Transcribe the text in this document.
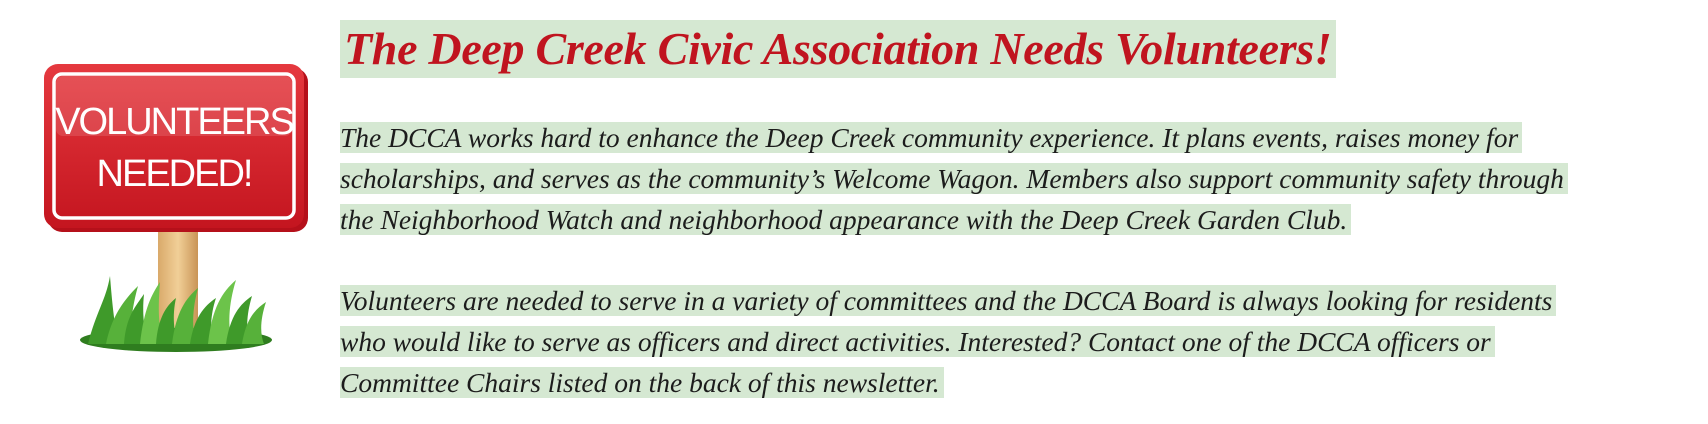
VOLUNTEERS
NEEDED!
The Deep Creek Civic Association Needs Volunteers!
The DCCA works hard to enhance the Deep Creek community experience. It plans events, raises money for
scholarships, and serves as the community’s Welcome Wagon. Members also support community safety through
the Neighborhood Watch and neighborhood appearance with the Deep Creek Garden Club.
Volunteers are needed to serve in a variety of committees and the DCCA Board is always looking for residents
who would like to serve as officers and direct activities. Interested? Contact one of the DCCA officers or
Committee Chairs listed on the back of this newsletter.
